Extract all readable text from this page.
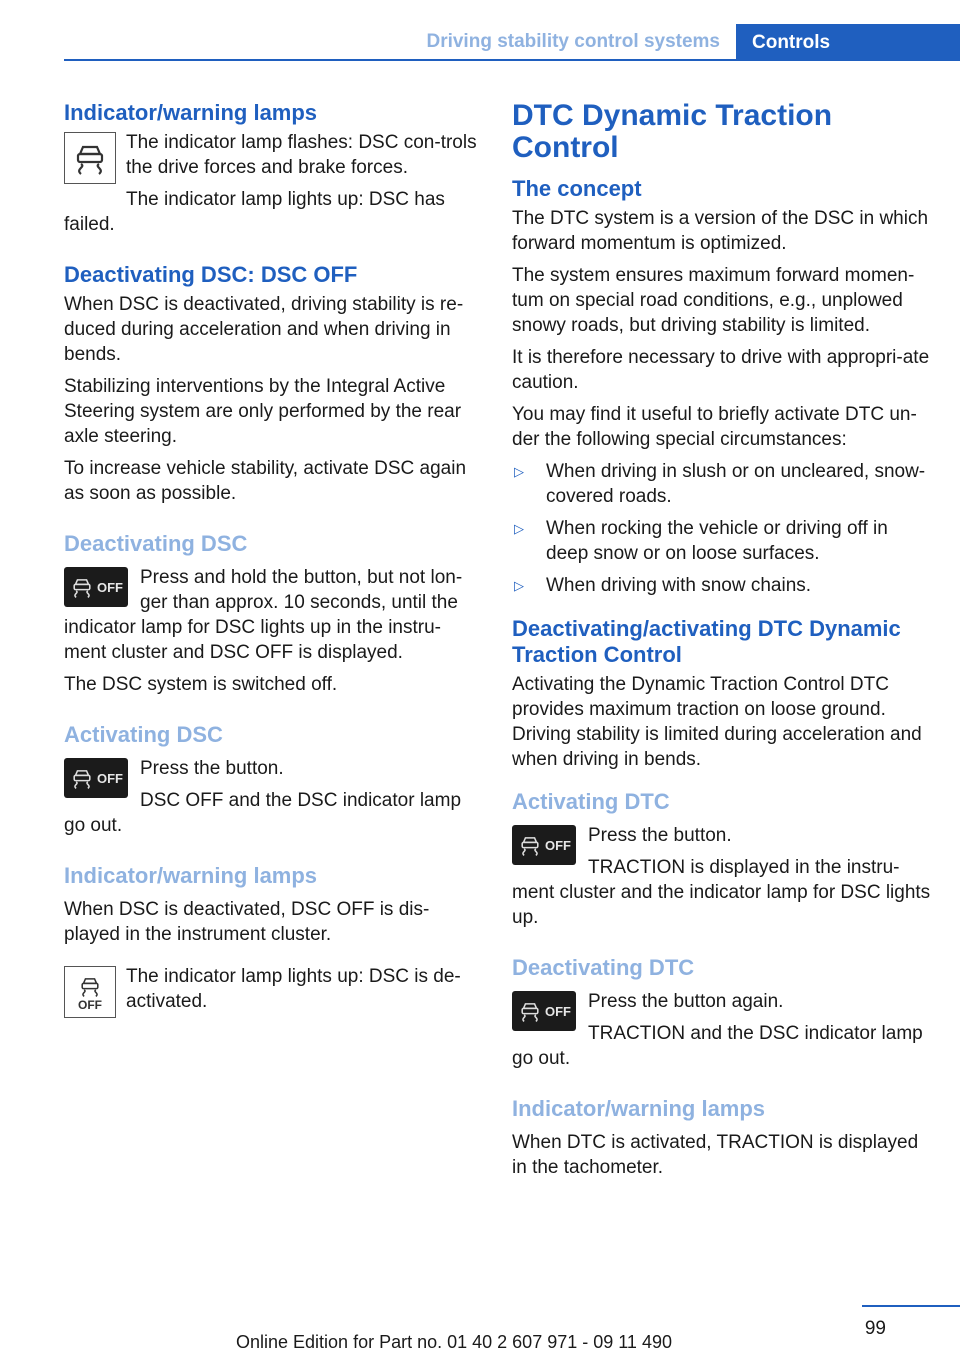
Driving stability control systems	Controls
Indicator/warning lamps

The indicator lamp flashes: DSC con-trols the drive forces and brake forces.

The indicator lamp lights up: DSC has failed.

Deactivating DSC: DSC OFF

When DSC is deactivated, driving stability is re-duced during acceleration and when driving in bends.

Stabilizing interventions by the Integral Active Steering system are only performed by the rear axle steering.

To increase vehicle stability, activate DSC again as soon as possible.

Deactivating DSC
OFF Press and hold the button, but not lon-ger than approx. 10 seconds, until the indicator lamp for DSC lights up in the instru-ment cluster and DSC OFF is displayed.

The DSC system is switched off.

Activating DSC
OFF Press the button.

DSC OFF and the DSC indicator lamp go out.

Indicator/warning lamps

When DSC is deactivated, DSC OFF is dis-played in the instrument cluster.

OFF

The indicator lamp lights up: DSC is de-activated.

DTC Dynamic Traction Control
The concept

The DTC system is a version of the DSC in which forward momentum is optimized.

The system ensures maximum forward momen-tum on special road conditions, e.g., unplowed snowy roads, but driving stability is limited.

It is therefore necessary to drive with appropri-ate caution.

You may find it useful to briefly activate DTC un-der the following special circumstances:

▷ When driving in slush or on uncleared, snow-covered roads.
▷ When rocking the vehicle or driving off in deep snow or on loose surfaces.
▷ When driving with snow chains.
Deactivating/activating DTC Dynamic Traction Control

Activating the Dynamic Traction Control DTC provides maximum traction on loose ground. Driving stability is limited during acceleration and when driving in bends.

Activating DTC
OFF Press the button.

TRACTION is displayed in the instru-ment cluster and the indicator lamp for DSC lights up.

Deactivating DTC
OFF Press the button again.

TRACTION and the DSC indicator lamp go out.

Indicator/warning lamps

When DTC is activated, TRACTION is displayed in the tachometer.

99
Online Edition for Part no. 01 40 2 607 971 - 09 11 490
